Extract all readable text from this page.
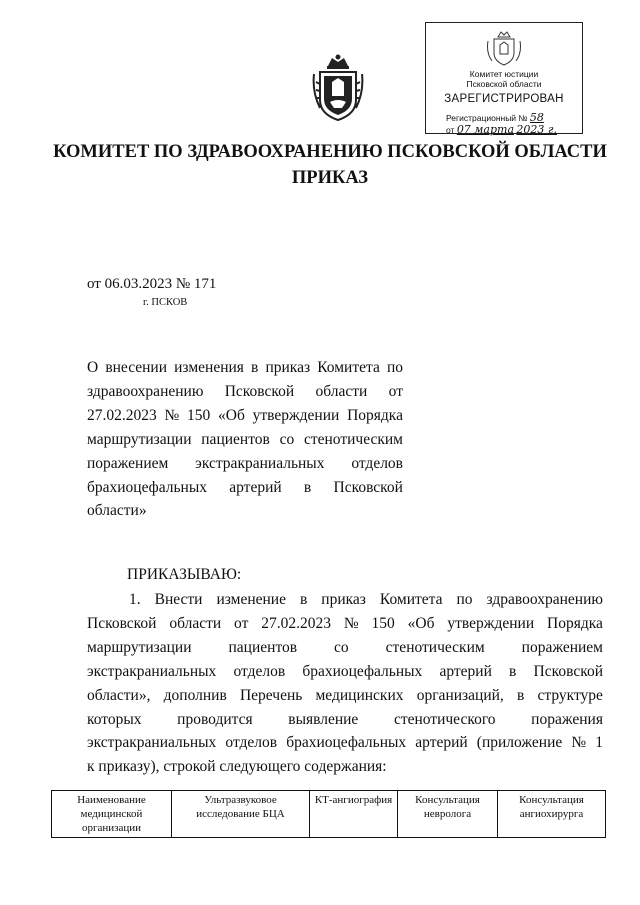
Комитет юстиции
Псковской области
ЗАРЕГИСТРИРОВАН
Регистрационный № 58
от 07 марта 2023 г.
КОМИТЕТ ПО ЗДРАВООХРАНЕНИЮ ПСКОВСКОЙ ОБЛАСТИ
ПРИКАЗ
от 06.03.2023 № 171
г. ПСКОВ
О внесении изменения в приказ Комитета по
здравоохранению Псковской области от
27.02.2023 № 150 «Об утверждении Порядка
маршрутизации пациентов со стенотическим
поражением экстракраниальных отделов
брахиоцефальных артерий в Псковской
области»
ПРИКАЗЫВАЮ:
1. Внести изменение в приказ Комитета по здравоохранению
Псковской области от 27.02.2023 № 150 «Об утверждении Порядка
маршрутизации пациентов со стенотическим поражением
экстракраниальных отделов брахиоцефальных артерий в Псковской
области», дополнив Перечень медицинских организаций, в структуре
которых проводится выявление стенотического поражения
экстракраниальных отделов брахиоцефальных артерий (приложение № 1
к приказу), строкой следующего содержания:
Наименование медицинской организации	Ультразвуковое исследование БЦА	КТ-ангиография	Консультация невролога	Консультация ангиохирурга
